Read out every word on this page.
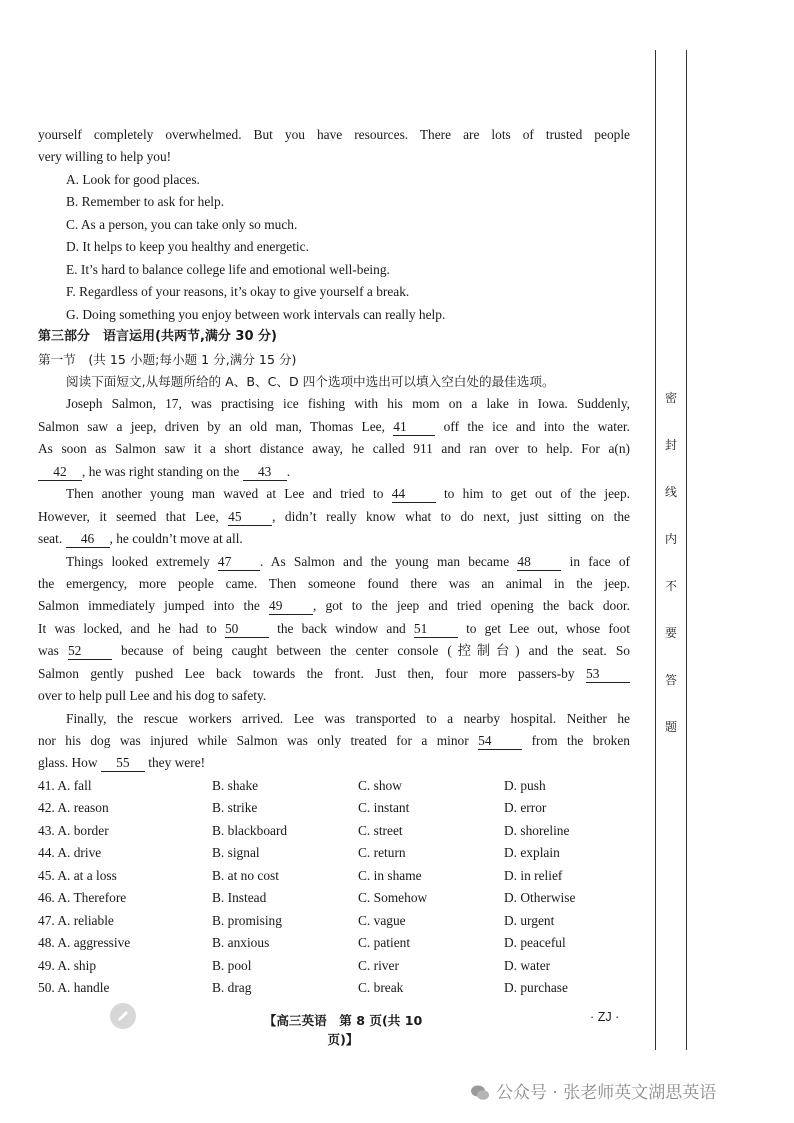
密
封
线
内
不
要
答
题
yourself completely overwhelmed. But you have resources. There are lots of trusted people
very willing to help you!
A. Look for good places.
B. Remember to ask for help.
C. As a person, you can take only so much.
D. It helps to keep you healthy and energetic.
E. It’s hard to balance college life and emotional well-being.
F. Regardless of your reasons, it’s okay to give yourself a break.
G. Doing something you enjoy between work intervals can really help.
第三部分　语言运用(共两节,满分 30 分)
第一节　(共 15 小题;每小题 1 分,满分 15 分)
阅读下面短文,从每题所给的 A、B、C、D 四个选项中选出可以填入空白处的最佳选项。
Joseph Salmon, 17, was practising ice fishing with his mom on a lake in Iowa. Suddenly,
Salmon saw a jeep, driven by an old man, Thomas Lee, 41	off the ice and into the water.
As soon as Salmon saw it a short distance away, he called 911 and ran over to help. For a(n)
42 , he was right standing on the 43 .
Then another young man waved at Lee and tried to 44	to him to get out of the jeep.
However, it seemed that Lee, 45 , didn’t really know what to do next, just sitting on the
seat. 46 , he couldn’t move at all.
Things looked extremely 47 . As Salmon and the young man became 48	in face of
the emergency, more people came. Then someone found there was an animal in the jeep.
Salmon immediately jumped into the 49 , got to the jeep and tried opening the back door.
It was locked, and he had to 50	the back window and 51	to get Lee out, whose foot
was 52	because of being caught between the center console (控制台) and the seat. So
Salmon gently pushed Lee back towards the front. Just then, four more passers-by 53
over to help pull Lee and his dog to safety.
Finally, the rescue workers arrived. Lee was transported to a nearby hospital. Neither he
nor his dog was injured while Salmon was only treated for a minor 54	from the broken
glass. How 55 they were!
41. A. fall	B. shake	C. show	D. push
42. A. reason	B. strike	C. instant	D. error
43. A. border	B. blackboard	C. street	D. shoreline
44. A. drive	B. signal	C. return	D. explain
45. A. at a loss	B. at no cost	C. in shame	D. in relief
46. A. Therefore	B. Instead	C. Somehow	D. Otherwise
47. A. reliable	B. promising	C. vague	D. urgent
48. A. aggressive	B. anxious	C. patient	D. peaceful
49. A. ship	B. pool	C. river	D. water
50. A. handle	B. drag	C. break	D. purchase
【高三英语　第 8 页(共 10 页)】
· ZJ ·
公众号 · 张老师英文湖思英语
